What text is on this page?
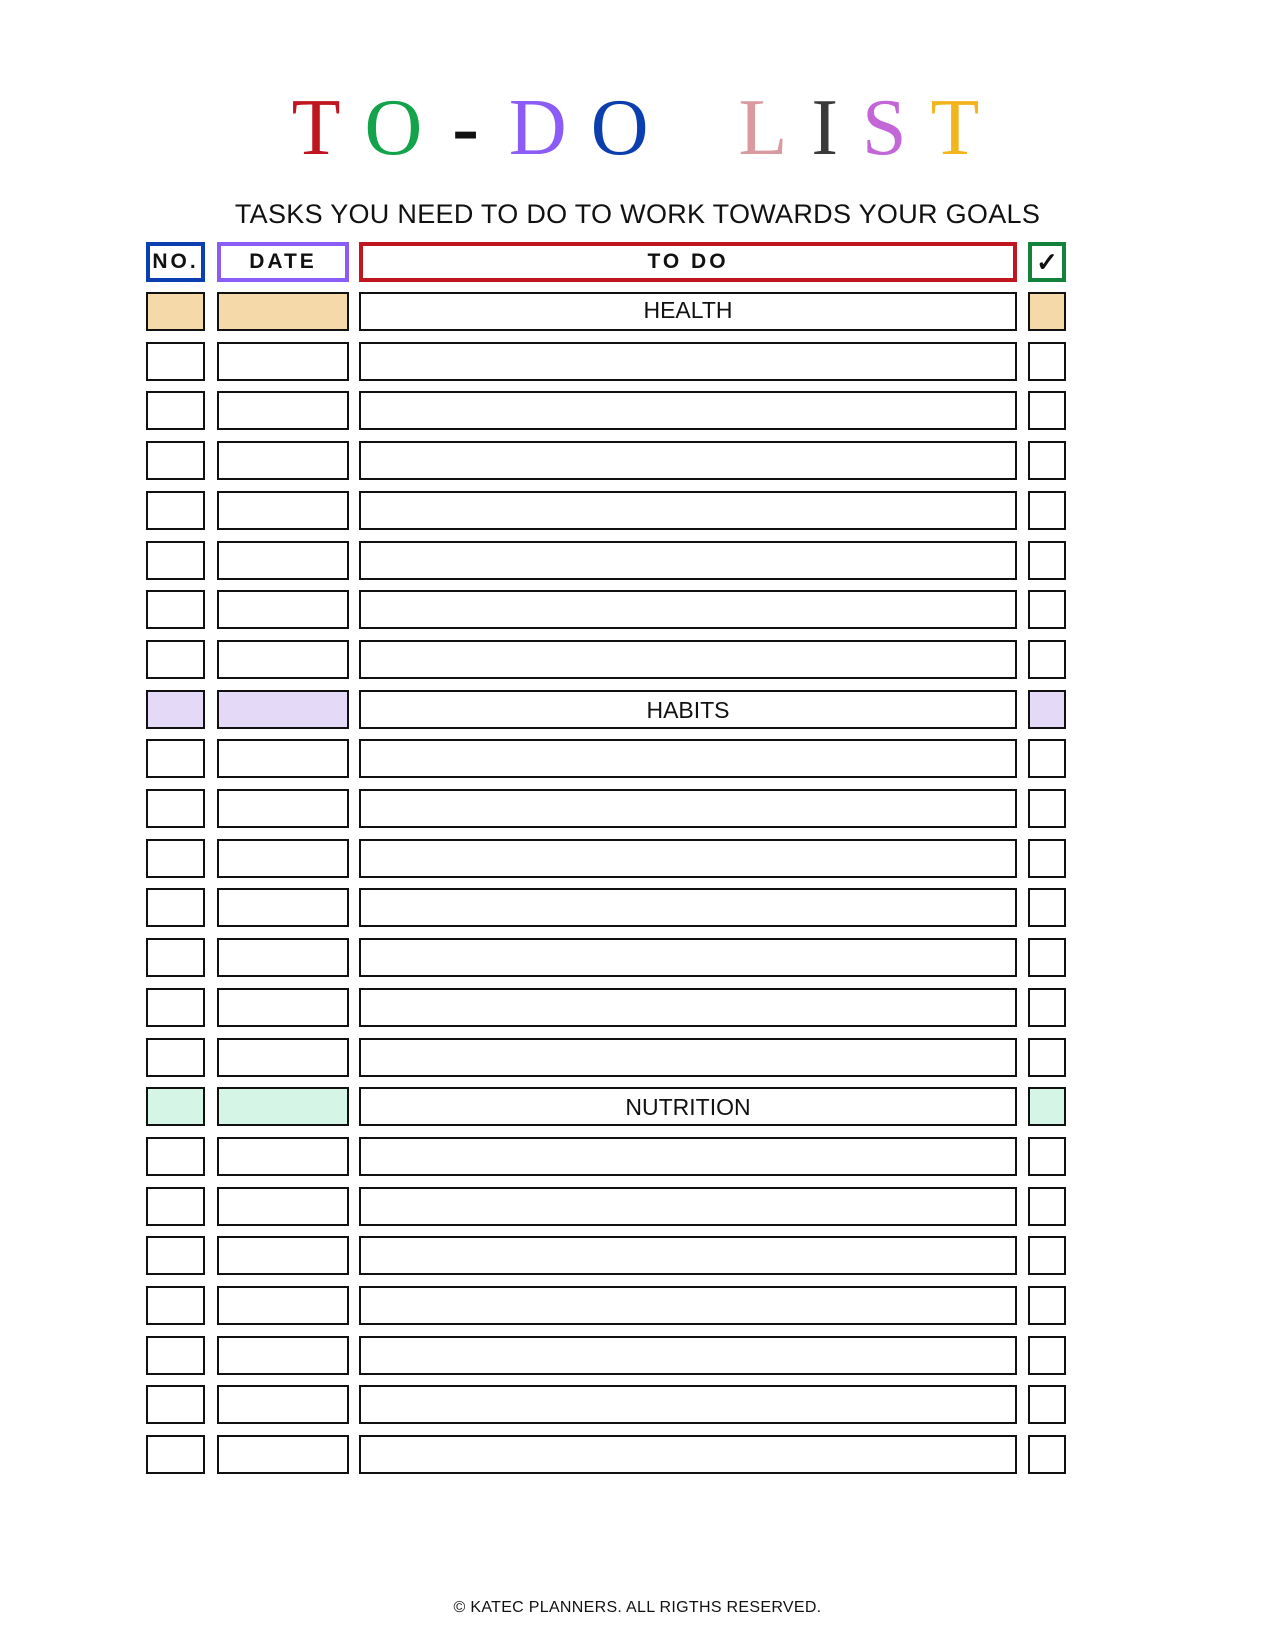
T O - D O L I S T
TASKS YOU NEED TO DO TO WORK TOWARDS YOUR GOALS
NO.	DATE	TO DO	✓
HEALTH
HABITS
NUTRITION
© KATEC PLANNERS. ALL RIGTHS RESERVED.
